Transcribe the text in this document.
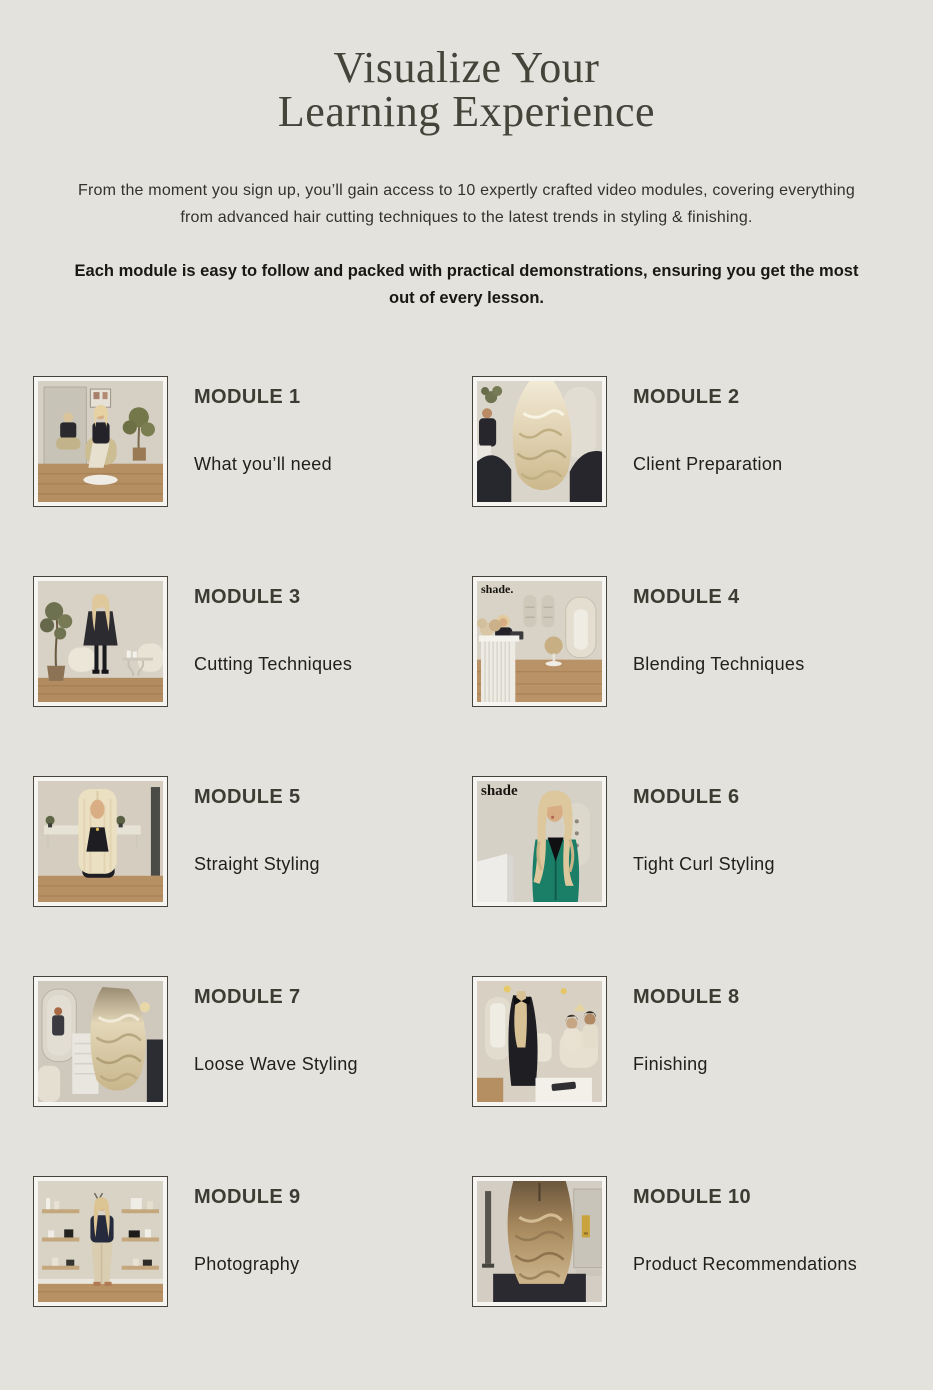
Visualize Your
Learning Experience

From the moment you sign up, you’ll gain access to 10 expertly crafted video modules, covering everything from advanced hair cutting techniques to the latest trends in styling & finishing.

Each module is easy to follow and packed with practical demonstrations, ensuring you get the most out of every lesson.

MODULE 1

What you’ll need

MODULE 2

Client Preparation

MODULE 3

Cutting Techniques

shade.	MODULE 4

Blending Techniques

MODULE 5

Straight Styling

shade	MODULE 6

Tight Curl Styling

MODULE 7

Loose Wave Styling

MODULE 8

Finishing

MODULE 9

Photography

MODULE 10

Product Recommendations
